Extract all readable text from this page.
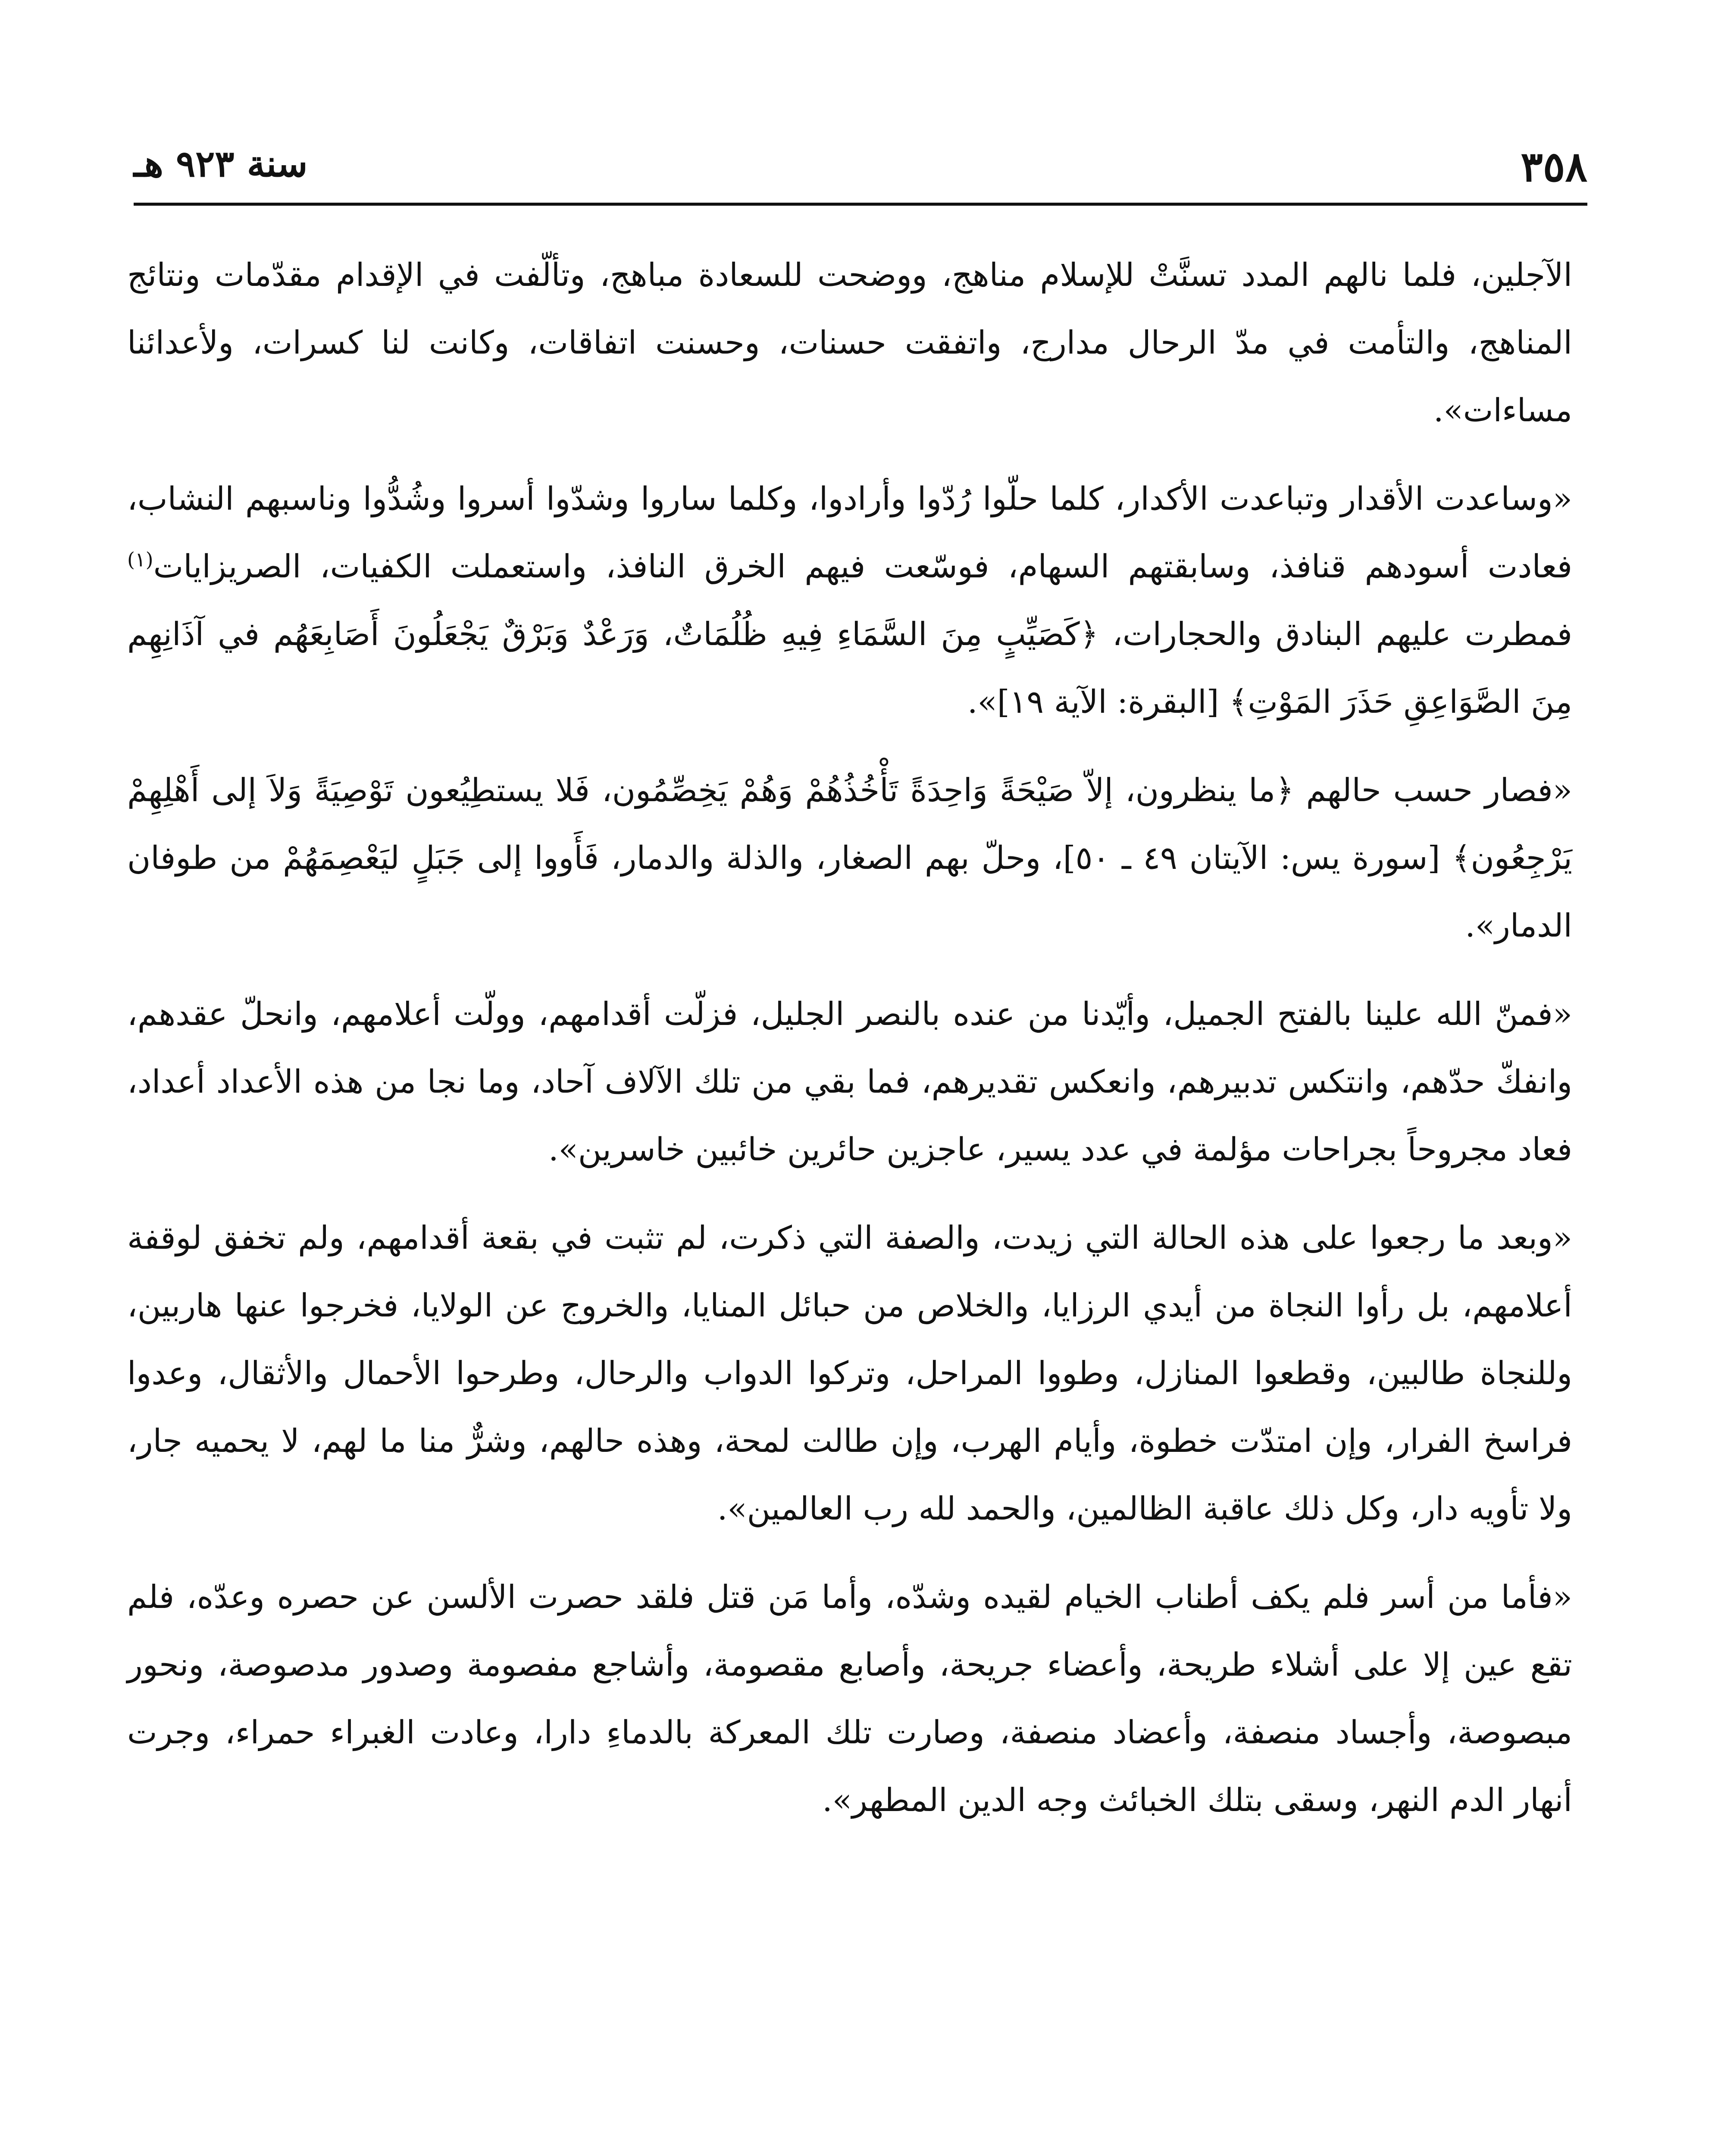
سنة ٩٢٣ هـ	٣٥٨

الآجلين، فلما نالهم المدد تسنَّتْ للإسلام مناهج، ووضحت للسعادة مباهج، وتألّفت في الإقدام مقدّمات ونتائج المناهج، والتأمت في مدّ الرحال مدارج، واتفقت حسنات، وحسنت اتفاقات، وكانت لنا كسرات، ولأعدائنا مساءات».

«وساعدت الأقدار وتباعدت الأكدار، كلما حلّوا رُدّوا وأرادوا، وكلما ساروا وشدّوا أسروا وشُدُّوا وناسبهم النشاب، فعادت أسودهم قنافذ، وسابقتهم السهام، فوسّعت فيهم الخرق النافذ، واستعملت الكفيات، الصريزايات$^{(١)}$ فمطرت عليهم البنادق والحجارات، ﴿كَصَيِّبٍ مِنَ السَّمَاءِ فِيهِ ظُلُمَاتٌ، وَرَعْدٌ وَبَرْقٌ يَجْعَلُونَ أَصَابِعَهُم في آذَانِهِم مِنَ الصَّوَاعِقِ حَذَرَ المَوْتِ﴾ [البقرة: الآية ١٩]».

«فصار حسب حالهم ﴿ما ينظرون، إلاّ صَيْحَةً وَاحِدَةً تَأْخُذُهُمْ وَهُمْ يَخِصِّمُون، فَلا يستطِيُعون تَوْصِيَةً وَلاَ إلى أَهْلِهِمْ يَرْجِعُون﴾ [سورة يس: الآيتان ٤٩ ـ ٥٠]، وحلّ بهم الصغار، والذلة والدمار، فَأَووا إلى جَبَلٍ ليَعْصِمَهُمْ من طوفان الدمار».

«فمنّ الله علينا بالفتح الجميل، وأيّدنا من عنده بالنصر الجليل، فزلّت أقدامهم، وولّت أعلامهم، وانحلّ عقدهم، وانفكّ حدّهم، وانتكس تدبيرهم، وانعكس تقديرهم، فما بقي من تلك الآلاف آحاد، وما نجا من هذه الأعداد أعداد، فعاد مجروحاً بجراحات مؤلمة في عدد يسير، عاجزين حائرين خائبين خاسرين».

«وبعد ما رجعوا على هذه الحالة التي زيدت، والصفة التي ذكرت، لم تثبت في بقعة أقدامهم، ولم تخفق لوقفة أعلامهم، بل رأوا النجاة من أيدي الرزايا، والخلاص من حبائل المنايا، والخروج عن الولايا، فخرجوا عنها هاربين، وللنجاة طالبين، وقطعوا المنازل، وطووا المراحل، وتركوا الدواب والرحال، وطرحوا الأحمال والأثقال، وعدوا فراسخ الفرار، وإن امتدّت خطوة، وأيام الهرب، وإن طالت لمحة، وهذه حالهم، وشرٌّ منا ما لهم، لا يحميه جار، ولا تأويه دار، وكل ذلك عاقبة الظالمين، والحمد لله رب العالمين».

«فأما من أسر فلم يكف أطناب الخيام لقيده وشدّه، وأما مَن قتل فلقد حصرت الألسن عن حصره وعدّه، فلم تقع عين إلا على أشلاء طريحة، وأعضاء جريحة، وأصابع مقصومة، وأشاجع مفصومة وصدور مدصوصة، ونحور مبصوصة، وأجساد منصفة، وأعضاد منصفة، وصارت تلك المعركة بالدماءِ دارا، وعادت الغبراء حمراء، وجرت أنهار الدم النهر، وسقى بتلك الخبائث وجه الدين المطهر».
